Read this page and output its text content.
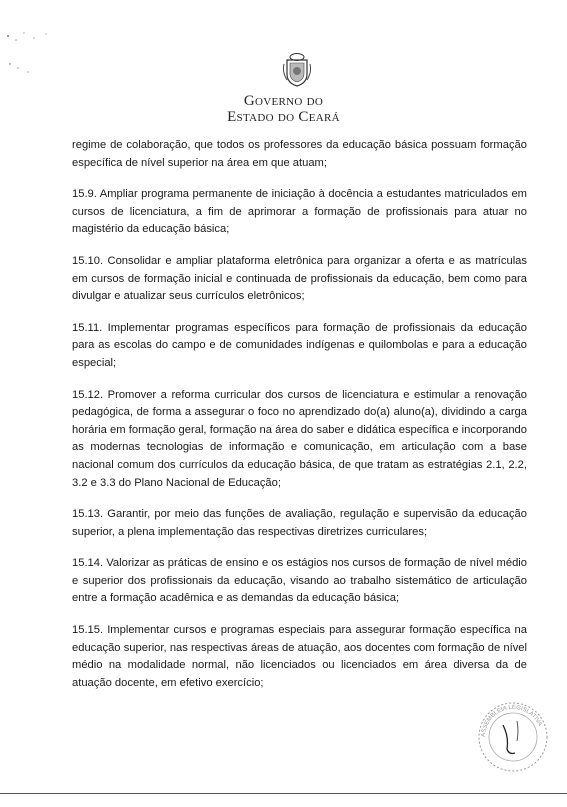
Governo do
Estado do Ceará

regime de colaboração, que todos os professores da educação básica possuam formação específica de nível superior na área em que atuam;

15.9. Ampliar programa permanente de iniciação à docência a estudantes matriculados em cursos de licenciatura, a fim de aprimorar a formação de profissionais para atuar no magistério da educação básica;

15.10. Consolidar e ampliar plataforma eletrônica para organizar a oferta e as matrículas em cursos de formação inicial e continuada de profissionais da educação, bem como para divulgar e atualizar seus currículos eletrônicos;

15.11. Implementar programas específicos para formação de profissionais da educação para as escolas do campo e de comunidades indígenas e quilombolas e para a educação especial;

15.12. Promover a reforma curricular dos cursos de licenciatura e estimular a renovação pedagógica, de forma a assegurar o foco no aprendizado do(a) aluno(a), dividindo a carga horária em formação geral, formação na área do saber e didática específica e incorporando as modernas tecnologias de informação e comunicação, em articulação com a base nacional comum dos currículos da educação básica, de que tratam as estratégias 2.1, 2.2, 3.2 e 3.3 do Plano Nacional de Educação;

15.13. Garantir, por meio das funções de avaliação, regulação e supervisão da educação superior, a plena implementação das respectivas diretrizes curriculares;

15.14. Valorizar as práticas de ensino e os estágios nos cursos de formação de nível médio e superior dos profissionais da educação, visando ao trabalho sistemático de articulação entre a formação acadêmica e as demandas da educação básica;

15.15. Implementar cursos e programas especiais para assegurar formação específica na educação superior, nas respectivas áreas de atuação, aos docentes com formação de nível médio na modalidade normal, não licenciados ou licenciados em área diversa da de atuação docente, em efetivo exercício;

ASSEMBLEIA LEGISLATIVA
